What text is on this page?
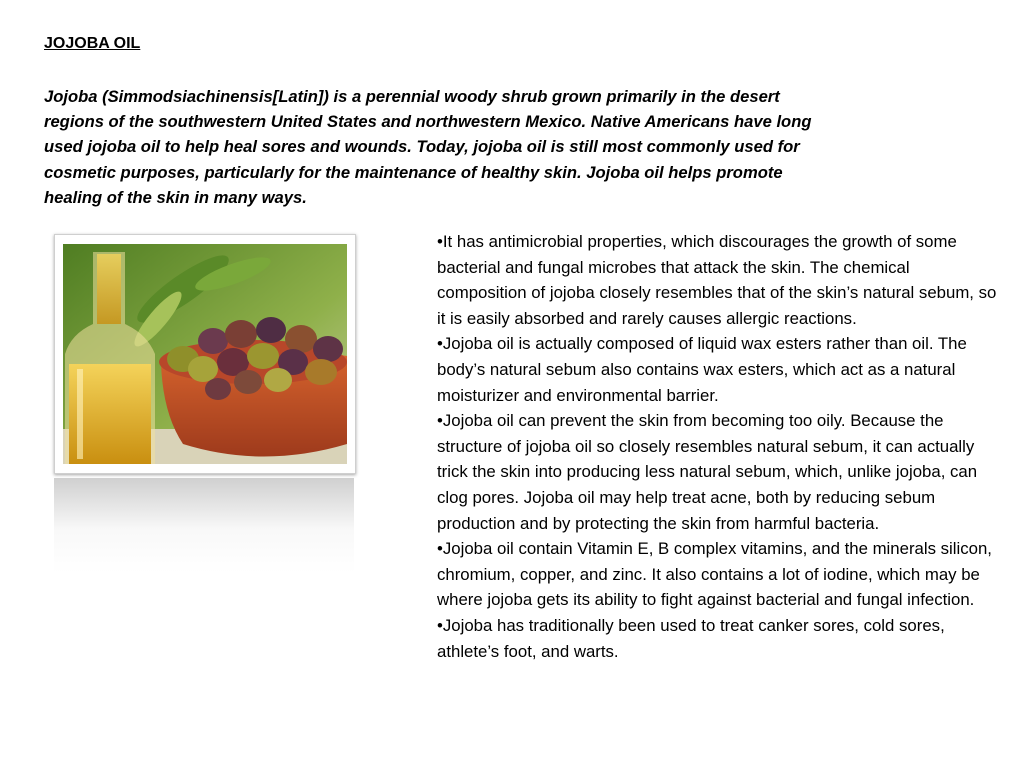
JOJOBA OIL

Jojoba (Simmodsiachinensis[Latin]) is a perennial woody shrub grown primarily in the desert regions of the southwestern United States and northwestern Mexico. Native Americans have long used jojoba oil to help heal sores and wounds. Today, jojoba oil is still most commonly used for cosmetic purposes, particularly for the maintenance of healthy skin. Jojoba oil helps promote healing of the skin in many ways.

•It has antimicrobial properties, which discourages the growth of some bacterial and fungal microbes that attack the skin. The chemical composition of jojoba closely resembles that of the skin’s natural sebum, so it is easily absorbed and rarely causes allergic reactions.
•Jojoba oil is actually composed of liquid wax esters rather than oil. The body’s natural sebum also contains wax esters, which act as a natural moisturizer and environmental barrier.
•Jojoba oil can prevent the skin from becoming too oily. Because the structure of jojoba oil so closely resembles natural sebum, it can actually trick the skin into producing less natural sebum, which, unlike jojoba, can clog pores. Jojoba oil may help treat acne, both by reducing sebum production and by protecting the skin from harmful bacteria.
•Jojoba oil contain Vitamin E, B complex vitamins, and the minerals silicon, chromium, copper, and zinc. It also contains a lot of iodine, which may be where jojoba gets its ability to fight against bacterial and fungal infection.
•Jojoba has traditionally been used to treat canker sores, cold sores, athlete’s foot, and warts.
